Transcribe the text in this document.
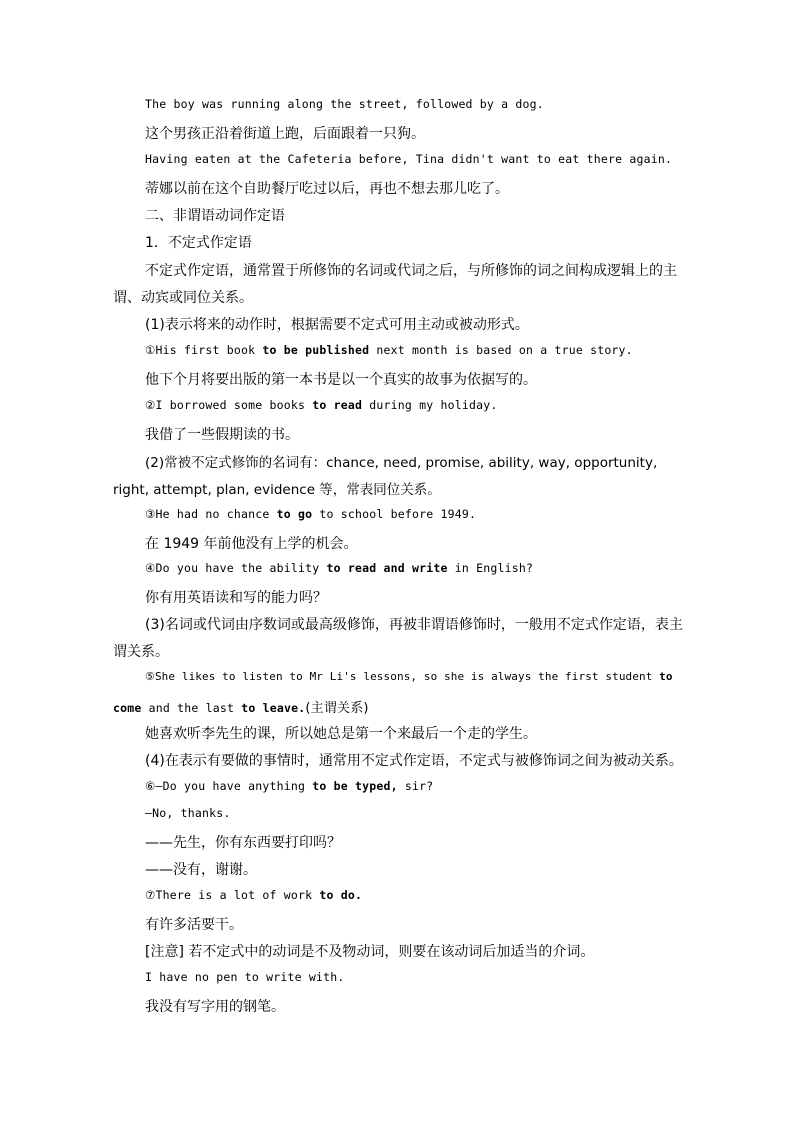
The boy was running along the street, followed by a dog.

这个男孩正沿着街道上跑，后面跟着一只狗。

Having eaten at the Cafeteria before, Tina didn't want to eat there again.

蒂娜以前在这个自助餐厅吃过以后，再也不想去那儿吃了。

二、非谓语动词作定语

1．不定式作定语

不定式作定语，通常置于所修饰的名词或代词之后，与所修饰的词之间构成逻辑上的主

谓、动宾或同位关系。

(1)表示将来的动作时，根据需要不定式可用主动或被动形式。

①His first book to be published next month is based on a true story.

他下个月将要出版的第一本书是以一个真实的故事为依据写的。

②I borrowed some books to read during my holiday.

我借了一些假期读的书。

(2)常被不定式修饰的名词有：chance, need, promise, ability, way, opportunity,

right, attempt, plan, evidence 等，常表同位关系。

③He had no chance to go to school before 1949.

在 1949 年前他没有上学的机会。

④Do you have the ability to read and write in English?

你有用英语读和写的能力吗？

(3)名词或代词由序数词或最高级修饰，再被非谓语修饰时，一般用不定式作定语，表主

谓关系。

⑤She likes to listen to Mr Li's lessons, so she is always the first student to

come and the last to leave.(主谓关系)

她喜欢听李先生的课，所以她总是第一个来最后一个走的学生。

(4)在表示有要做的事情时，通常用不定式作定语，不定式与被修饰词之间为被动关系。

⑥—Do you have anything to be typed, sir?

—No, thanks.

——先生，你有东西要打印吗？

——没有，谢谢。

⑦There is a lot of work to do.

有许多活要干。

[注意] 若不定式中的动词是不及物动词，则要在该动词后加适当的介词。

I have no pen to write with.

我没有写字用的钢笔。
